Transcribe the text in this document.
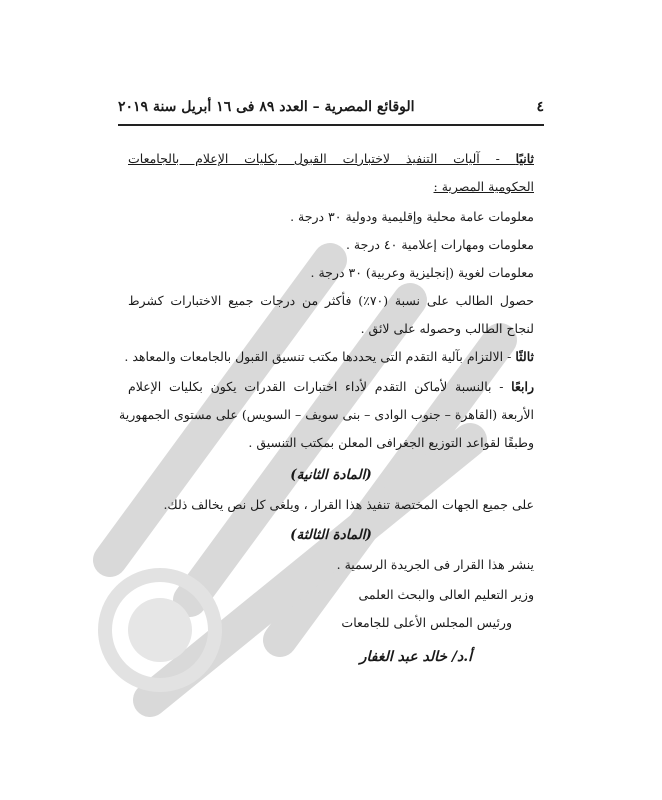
٤
الوقائع المصرية – العدد ٨٩ فى ١٦ أبريل سنة ٢٠١٩
ثانيًا - آليات التنفيذ لاختبارات القبول بكليات الإعلام بالجامعات
الحكومية المصرية :
معلومات عامة محلية وإقليمية ودولية ٣٠ درجة .
معلومات ومهارات إعلامية ٤٠ درجة .
معلومات لغوية (إنجليزية وعربية) ٣٠ درجة .
حصول الطالب على نسبة (٧٠٪) فأكثر من درجات جميع الاختبارات كشرط
لنجاح الطالب وحصوله على لائق .
ثالثًا - الالتزام بآلية التقدم التى يحددها مكتب تنسيق القبول بالجامعات والمعاهد .
رابعًا - بالنسبة لأماكن التقدم لأداء اختبارات القدرات يكون بكليات الإعلام
الأربعة (القاهرة – جنوب الوادى – بنى سويف – السويس) على مستوى الجمهورية
وطبقًا لقواعد التوزيع الجغرافى المعلن بمكتب التنسيق .
(المادة الثانية)
على جميع الجهات المختصة تنفيذ هذا القرار ، ويلغى كل نص يخالف ذلك.
(المادة الثالثة)
ينشر هذا القرار فى الجريدة الرسمية .
وزير التعليم العالى والبحث العلمى
ورئيس المجلس الأعلى للجامعات
أ.د/ خالد عبد الغفار
